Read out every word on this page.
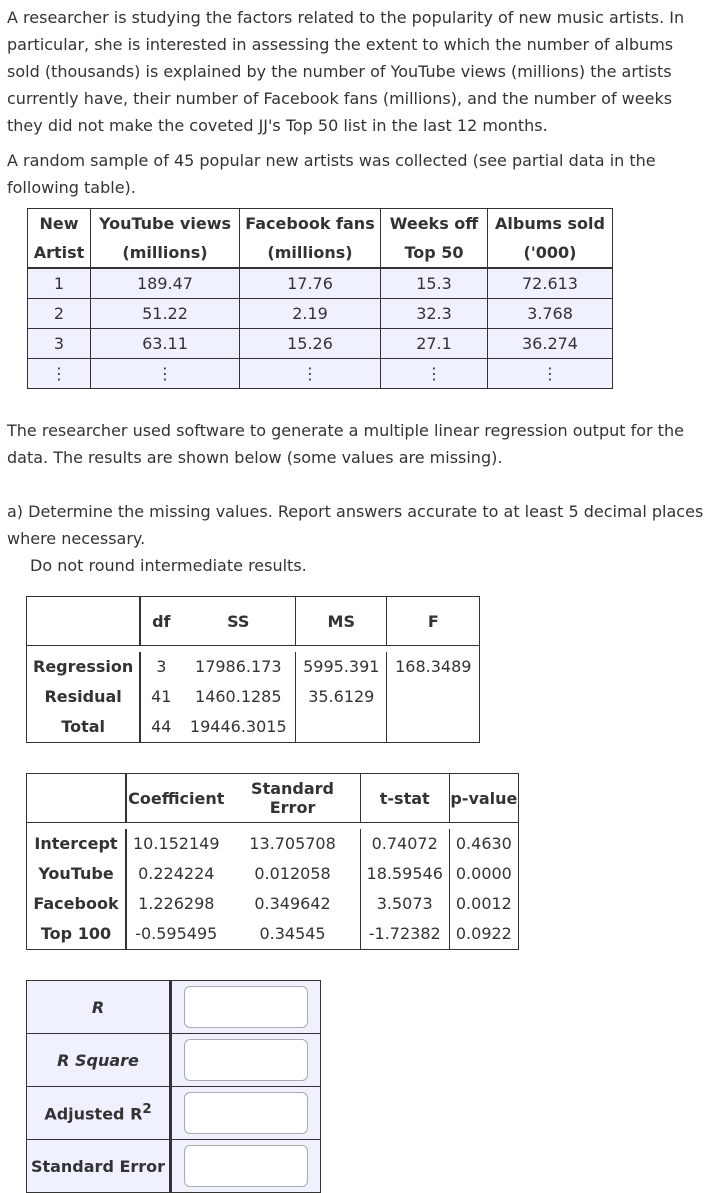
A researcher is studying the factors related to the popularity of new music artists. In particular, she is interested in assessing the extent to which the number of albums sold (thousands) is explained by the number of YouTube views (millions) the artists currently have, their number of Facebook fans (millions), and the number of weeks they did not make the coveted JJ's Top 50 list in the last 12 months.

A random sample of 45 popular new artists was collected (see partial data in the following table).

New	YouTube views	Facebook fans	Weeks off	Albums sold
Artist	(millions)	(millions)	Top 50	('000)
1	189.47	17.76	15.3	72.613
2	51.22	2.19	32.3	3.768
3	63.11	15.26	27.1	36.274
⋮	⋮	⋮	⋮	⋮

The researcher used software to generate a multiple linear regression output for the data. The results are shown below (some values are missing).

a) Determine the missing values. Report answers accurate to at least 5 decimal places where necessary.

Do not round intermediate results.

	df	SS	MS	F

Regression	3	17986.173	5995.391	168.3489
Residual	41	1460.1285	35.6129	
Total	44	19446.3015		
	Coefficient	Standard Error	t-stat	p-value

Intercept	10.152149	13.705708	0.74072	0.4630
YouTube	0.224224	0.012058	18.59546	0.0000
Facebook	1.226298	0.349642	3.5073	0.0012
Top 100	-0.595495	0.34545	-1.72382	0.0922
R	

R Square	

Adjusted $R^2$	

Standard Error	
